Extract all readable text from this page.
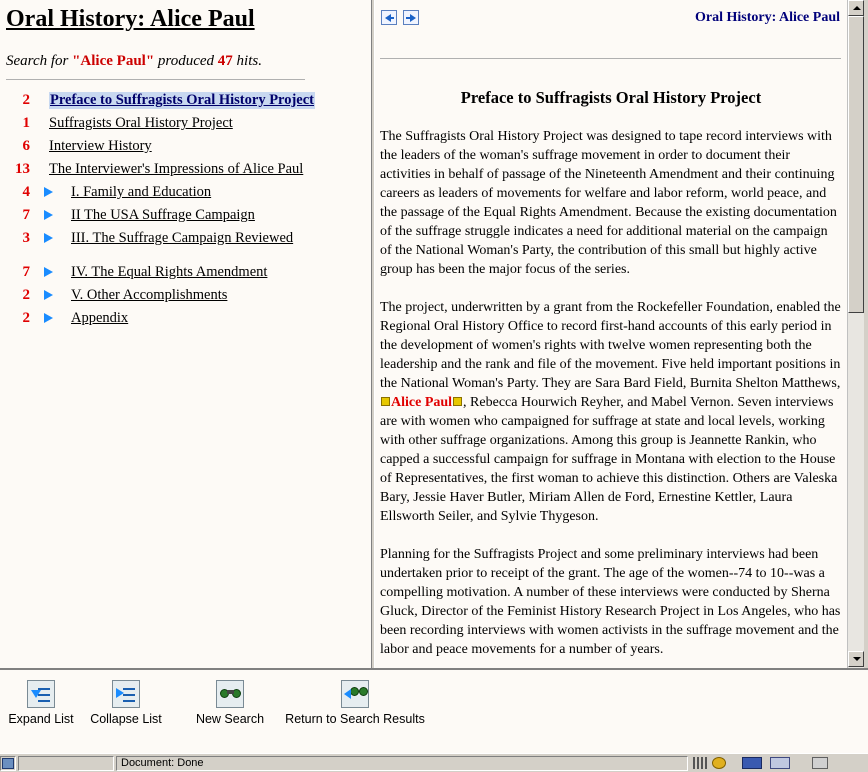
Oral History: Alice Paul
Search for "Alice Paul" produced 47 hits.
2 Preface to Suffragists Oral History Project
1 Suffragists Oral History Project
6 Interview History
13 The Interviewer's Impressions of Alice Paul
4	I. Family and Education
7	II The USA Suffrage Campaign
3	III. The Suffrage Campaign Reviewed
7	IV. The Equal Rights Amendment
2	V. Other Accomplishments
2	Appendix
Oral History: Alice Paul
Preface to Suffragists Oral History Project

The Suffragists Oral History Project was designed to tape record interviews with the leaders of the woman's suffrage movement in order to document their activities in behalf of passage of the Nineteenth Amendment and their continuing careers as leaders of movements for welfare and labor reform, world peace, and the passage of the Equal Rights Amendment. Because the existing documentation of the suffrage struggle indicates a need for additional material on the campaign of the National Woman's Party, the contribution of this small but highly active group has been the major focus of the series.

The project, underwritten by a grant from the Rockefeller Foundation, enabled the Regional Oral History Office to record first-hand accounts of this early period in the development of women's rights with twelve women representing both the leadership and the rank and file of the movement. Five held important positions in the National Woman's Party. They are Sara Bard Field, Burnita Shelton Matthews, Alice Paul , Rebecca Hourwich Reyher, and Mabel Vernon. Seven interviews are with women who campaigned for suffrage at state and local levels, working with other suffrage organizations. Among this group is Jeannette Rankin, who capped a successful campaign for suffrage in Montana with election to the House of Representatives, the first woman to achieve this distinction. Others are Valeska Bary, Jessie Haver Butler, Miriam Allen de Ford, Ernestine Kettler, Laura Ellsworth Seiler, and Sylvie Thygeson.

Planning for the Suffragists Project and some preliminary interviews had been undertaken prior to receipt of the grant. The age of the women--74 to 10--was a compelling motivation. A number of these interviews were conducted by Sherna Gluck, Director of the Feminist History Research Project in Los Angeles, who has been recording interviews with women activists in the suffrage movement and the labor and peace movements for a number of years.

Expand List	Collapse List	New Search	Return to Search Results
Document: Done
